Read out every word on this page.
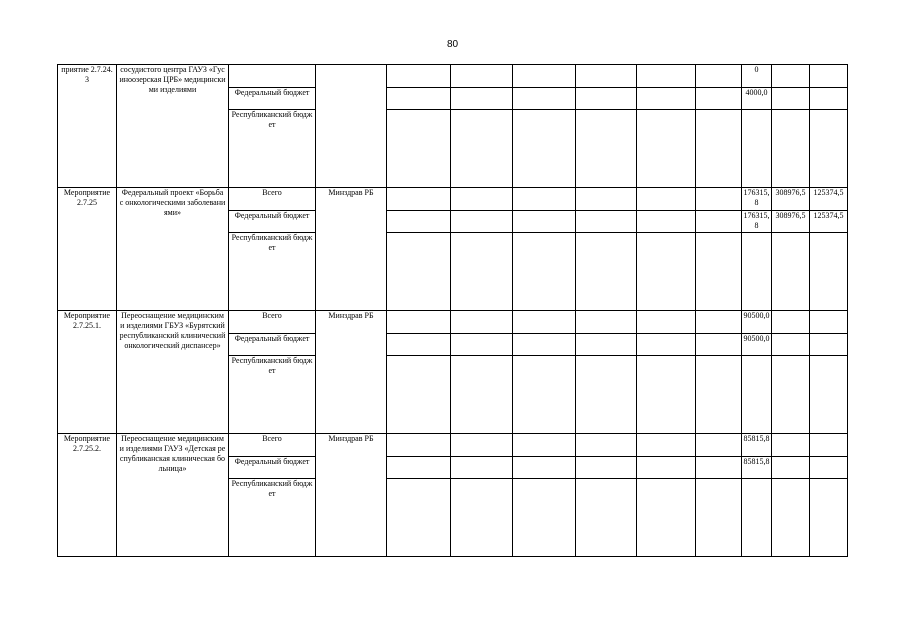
80
приятие 2.7.24.3	сосудистого центра ГАУЗ «Гусиноозерская ЦРБ» медицинскими изделиями									0		

		Федеральный бюджет								4000,0		

		Республиканский бюджет										

Мероприятие 2.7.25	Федеральный проект «Борьба с онкологическими заболеваниями»	Всего	Минздрав РБ							176315,8	308976,5	125374,5

		Федеральный бюджет								176315,8	308976,5	125374,5

		Республиканский бюджет										

Мероприятие 2.7.25.1.	Переоснащение медицинскими изделиями ГБУЗ «Бурятский республиканский клинический онкологический диспансер»	Всего	Минздрав РБ							90500,0		

		Федеральный бюджет								90500,0		

		Республиканский бюджет										

Мероприятие 2.7.25.2.	Переоснащение медицинскими изделиями ГАУЗ «Детская республиканская клиническая больница»	Всего	Минздрав РБ							85815,8		

		Федеральный бюджет								85815,8		

		Республиканский бюджет										
